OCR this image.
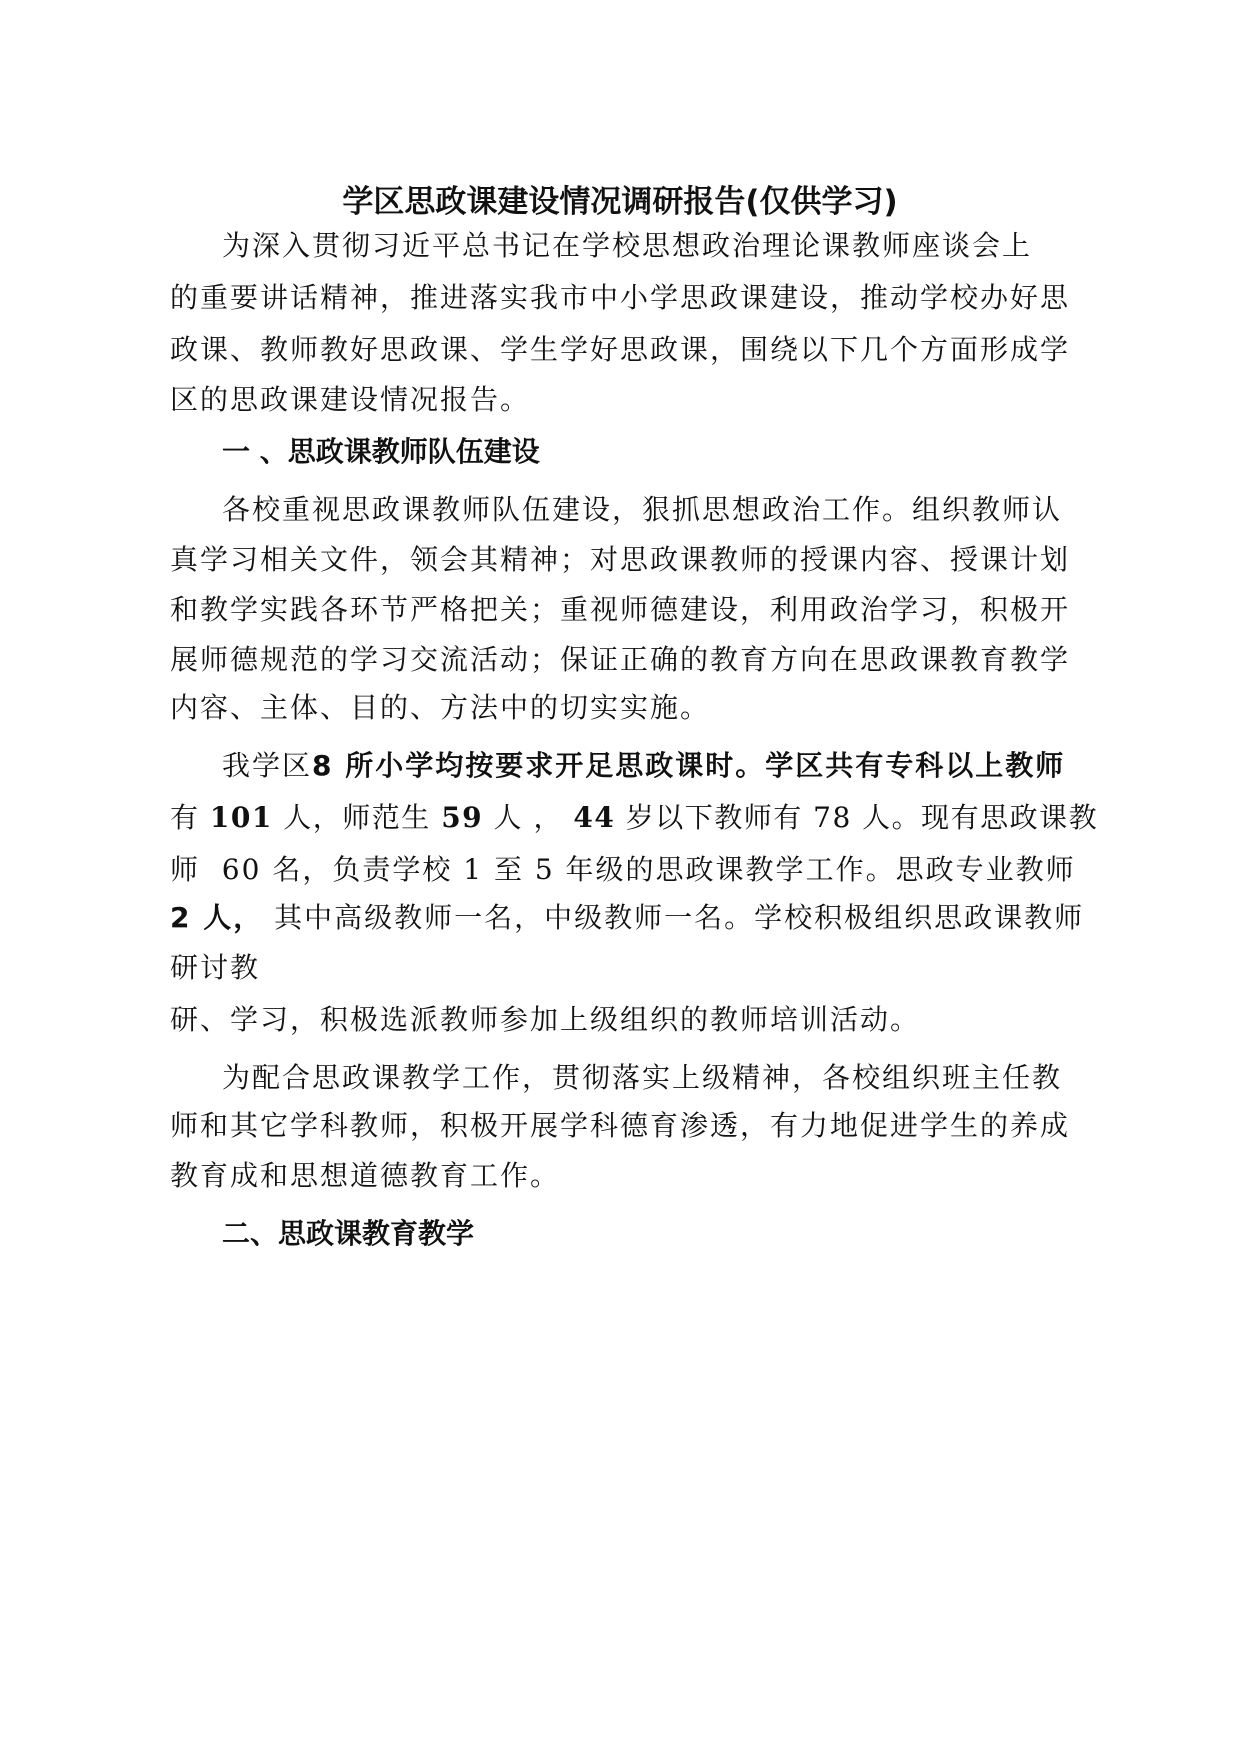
学区思政课建设情况调研报告(仅供学习)
为深入贯彻习近平总书记在学校思想政治理论课教师座谈会上
的重要讲话精神，推进落实我市中小学思政课建设，推动学校办好思
政课、教师教好思政课、学生学好思政课，围绕以下几个方面形成学
区的思政课建设情况报告。
一 、思政课教师队伍建设
各校重视思政课教师队伍建设，狠抓思想政治工作。组织教师认
真学习相关文件，领会其精神；对思政课教师的授课内容、授课计划
和教学实践各环节严格把关；重视师德建设，利用政治学习，积极开
展师德规范的学习交流活动；保证正确的教育方向在思政课教育教学
内容、主体、目的、方法中的切实实施。
我学区8 所小学均按要求开足思政课时。学区共有专科以上教师
有 101 人，师范生 59 人 ， 44 岁以下教师有 78 人。现有思政课教
师  60 名，负责学校 1 至 5 年级的思政课教学工作。思政专业教师
2 人， 其中高级教师一名，中级教师一名。学校积极组织思政课教师
研讨教
研、学习，积极选派教师参加上级组织的教师培训活动。
为配合思政课教学工作，贯彻落实上级精神，各校组织班主任教
师和其它学科教师，积极开展学科德育渗透，有力地促进学生的养成
教育成和思想道德教育工作。
二、思政课教育教学
